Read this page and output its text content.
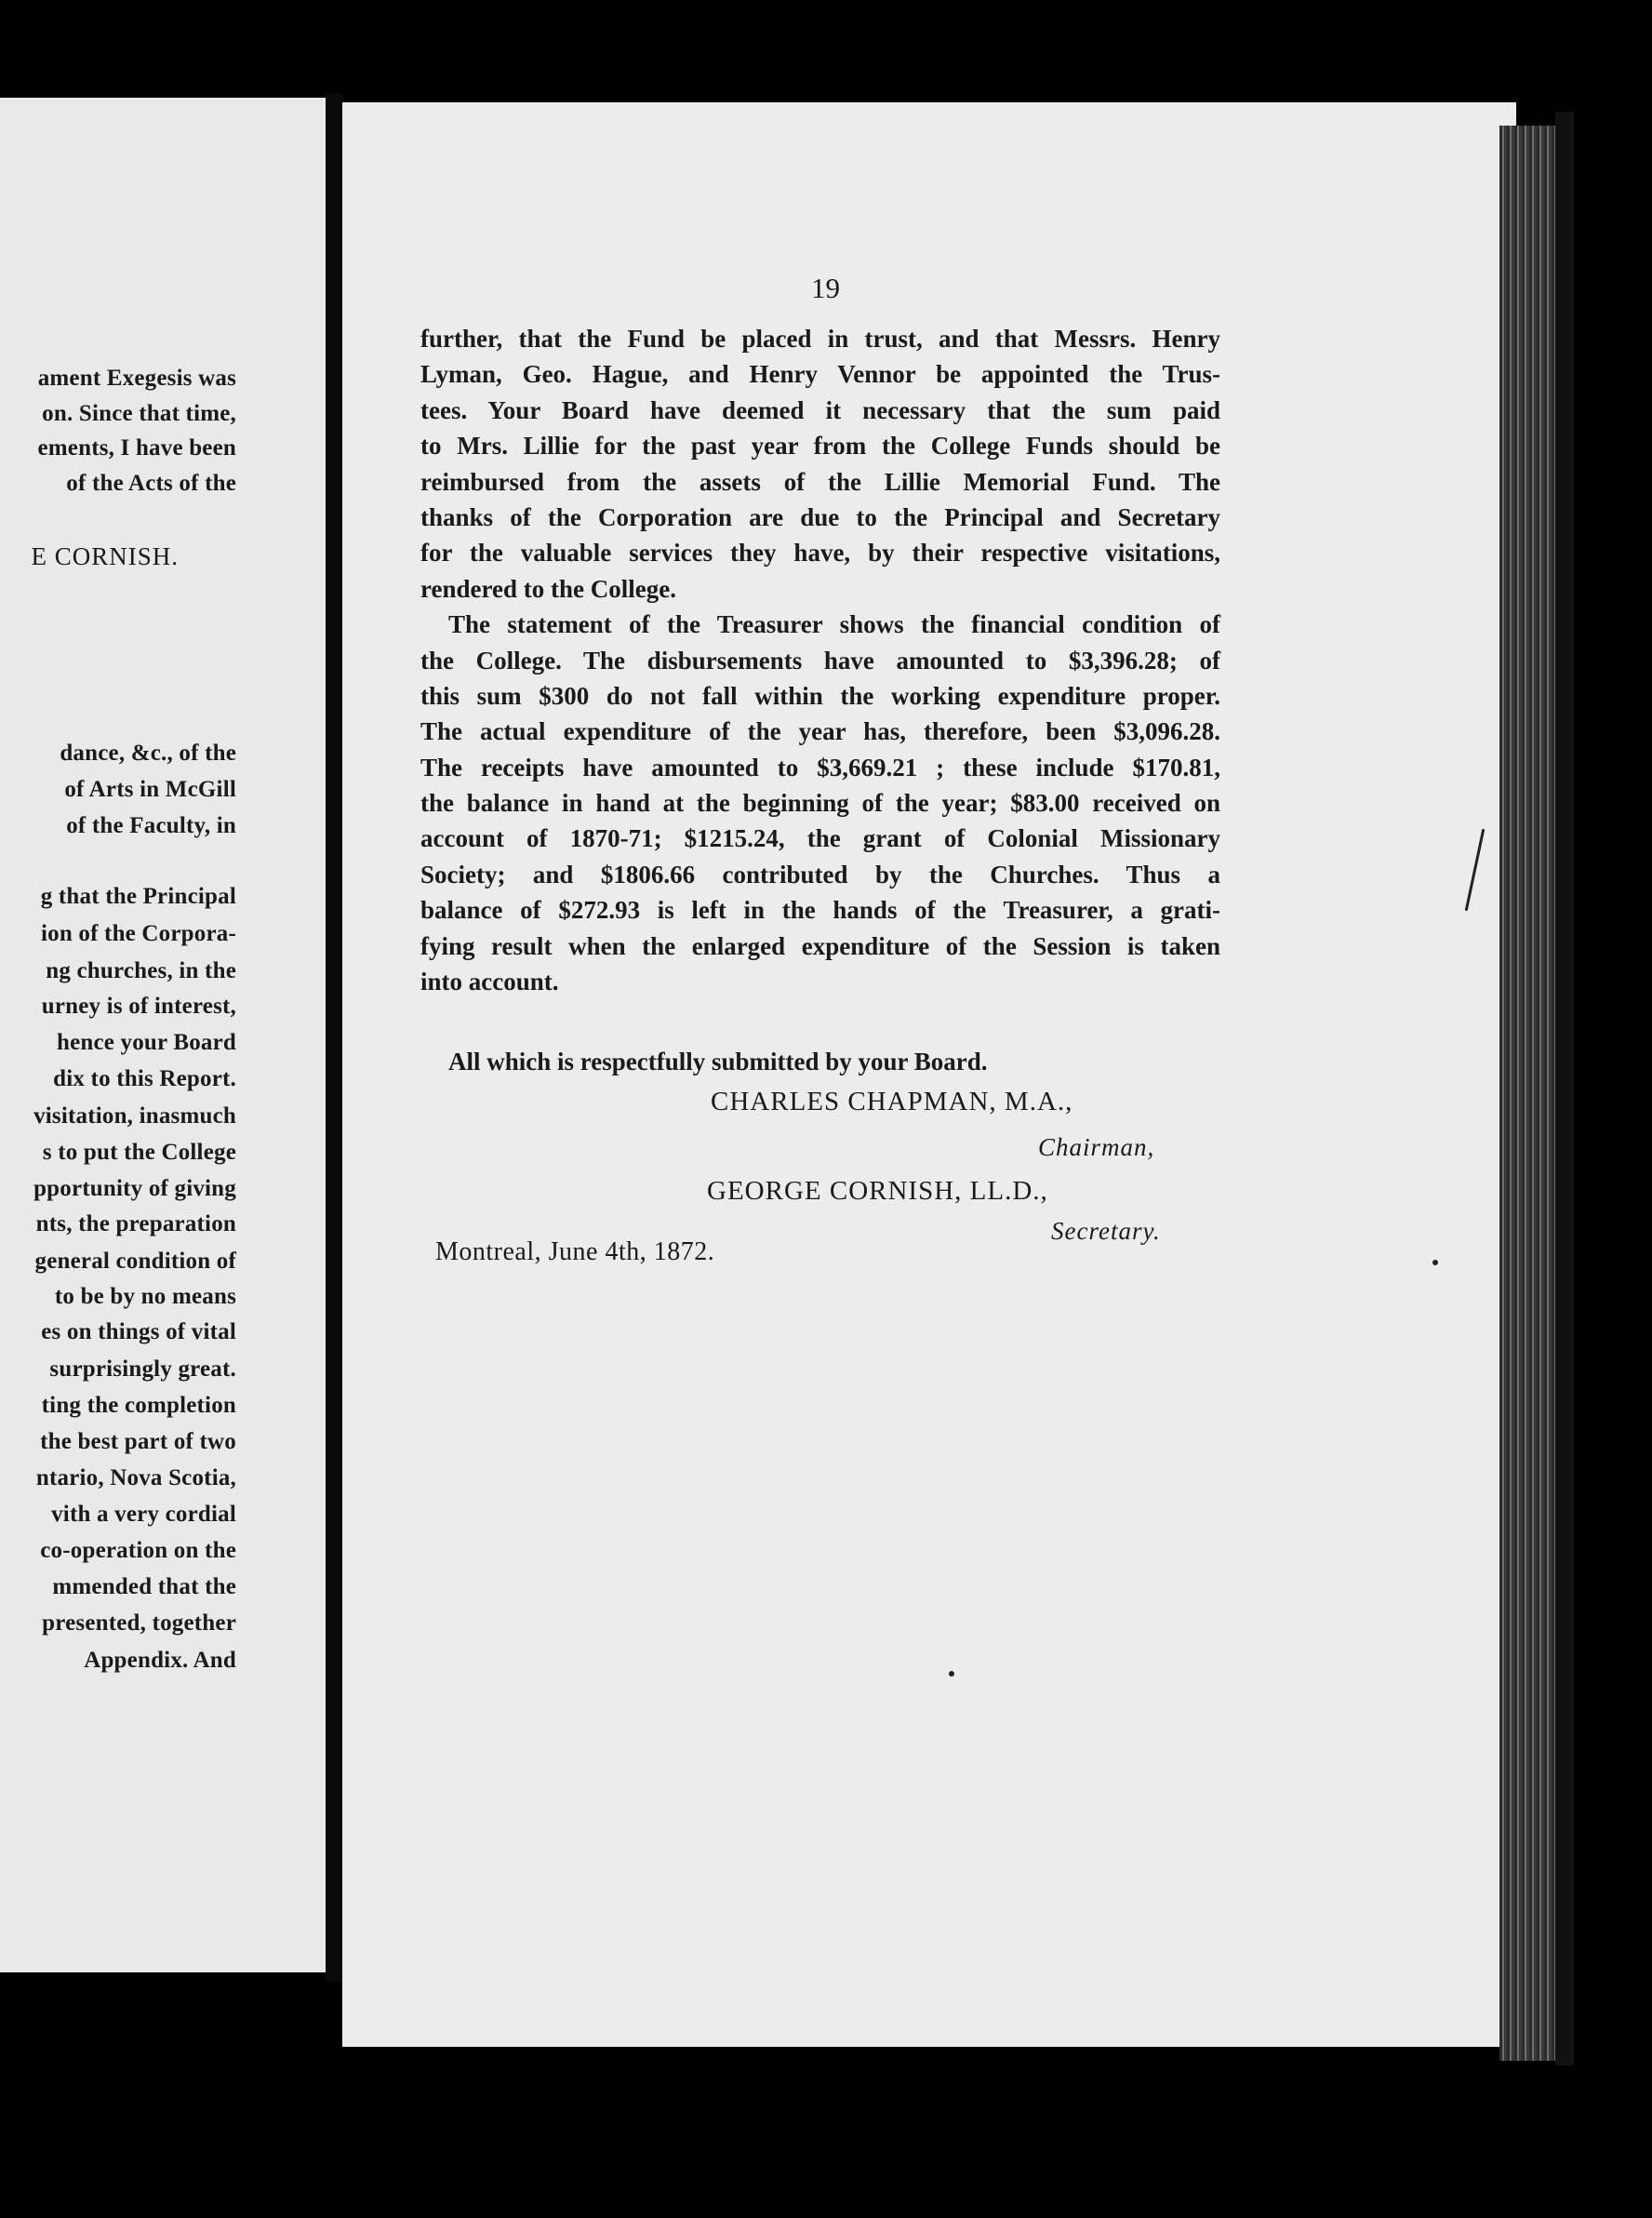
ament Exegesis was
on. Since that time,
ements, I have been
of the Acts of the
dance, &c., of the
of Arts in McGill
of the Faculty, in
g that the Principal
ion of the Corpora-
ng churches, in the
urney is of interest,
hence your Board
dix to this Report.
visitation, inasmuch
s to put the College
pportunity of giving
nts, the preparation
general condition of
to be by no means
es on things of vital
surprisingly great.
ting the completion
the best part of two
ntario, Nova Scotia,
vith a very cordial
co-operation on the
mmended that the
presented, together
Appendix. And
E CORNISH.
19
further, that the Fund be placed in trust, and that Messrs. Henry
Lyman, Geo. Hague, and Henry Vennor be appointed the Trus-
tees. Your Board have deemed it necessary that the sum paid
to Mrs. Lillie for the past year from the College Funds should be
reimbursed from the assets of the Lillie Memorial Fund. The
thanks of the Corporation are due to the Principal and Secretary
for the valuable services they have, by their respective visitations,
rendered to the College.
The statement of the Treasurer shows the financial condition of
the College. The disbursements have amounted to $3,396.28; of
this sum $300 do not fall within the working expenditure proper.
The actual expenditure of the year has, therefore, been $3,096.28.
The receipts have amounted to $3,669.21 ; these include $170.81,
the balance in hand at the beginning of the year; $83.00 received on
account of 1870-71; $1215.24, the grant of Colonial Missionary
Society; and $1806.66 contributed by the Churches. Thus a
balance of $272.93 is left in the hands of the Treasurer, a grati-
fying result when the enlarged expenditure of the Session is taken
into account.
All which is respectfully submitted by your Board.
CHARLES CHAPMAN, M.A.,
Chairman,
GEORGE CORNISH, LL.D.,
Secretary.
Montreal, June 4th, 1872.
